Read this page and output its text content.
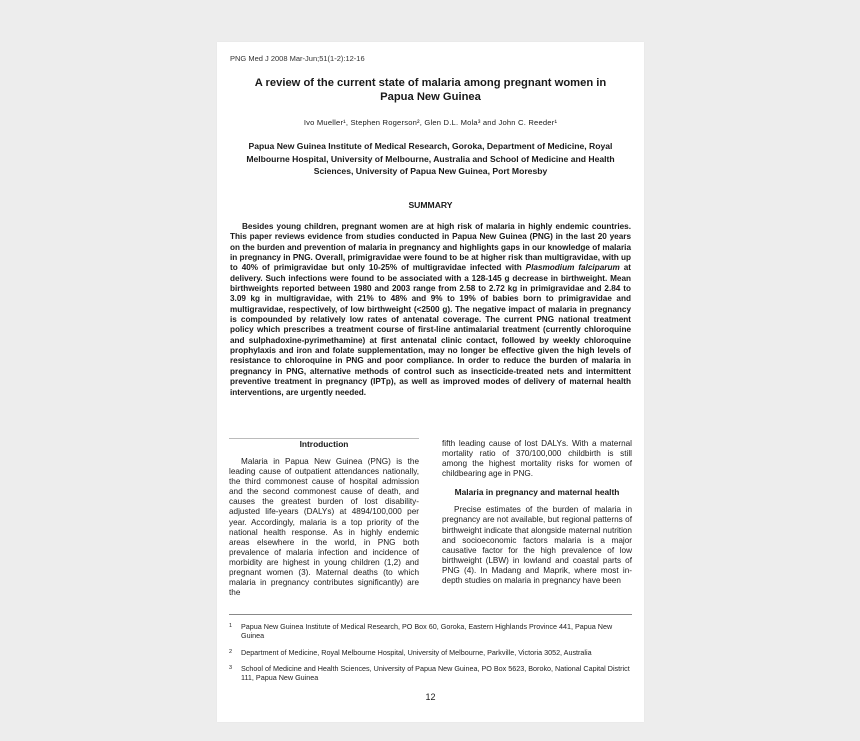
PNG Med J 2008 Mar-Jun;51(1-2):12-16
A review of the current state of malaria among pregnant women in Papua New Guinea
Ivo Mueller¹, Stephen Rogerson², Glen D.L. Mola³ and John C. Reeder¹
Papua New Guinea Institute of Medical Research, Goroka, Department of Medicine, Royal Melbourne Hospital, University of Melbourne, Australia and School of Medicine and Health Sciences, University of Papua New Guinea, Port Moresby
SUMMARY
Besides young children, pregnant women are at high risk of malaria in highly endemic countries. This paper reviews evidence from studies conducted in Papua New Guinea (PNG) in the last 20 years on the burden and prevention of malaria in pregnancy and highlights gaps in our knowledge of malaria in pregnancy in PNG. Overall, primigravidae were found to be at higher risk than multigravidae, with up to 40% of primigravidae but only 10-25% of multigravidae infected with Plasmodium falciparum at delivery. Such infections were found to be associated with a 128-145 g decrease in birthweight. Mean birthweights reported between 1980 and 2003 range from 2.58 to 2.72 kg in primigravidae and 2.84 to 3.09 kg in multigravidae, with 21% to 48% and 9% to 19% of babies born to primigravidae and multigravidae, respectively, of low birthweight (<2500 g). The negative impact of malaria in pregnancy is compounded by relatively low rates of antenatal coverage. The current PNG national treatment policy which prescribes a treatment course of first-line antimalarial treatment (currently chloroquine and sulphadoxine-pyrimethamine) at first antenatal clinic contact, followed by weekly chloroquine prophylaxis and iron and folate supplementation, may no longer be effective given the high levels of resistance to chloroquine in PNG and poor compliance. In order to reduce the burden of malaria in pregnancy in PNG, alternative methods of control such as insecticide-treated nets and intermittent preventive treatment in pregnancy (IPTp), as well as improved modes of delivery of maternal health interventions, are urgently needed.
Introduction

Malaria in Papua New Guinea (PNG) is the leading cause of outpatient attendances nationally, the third commonest cause of hospital admission and the second commonest cause of death, and causes the greatest burden of lost disability-adjusted life-years (DALYs) at 4894/100,000 per year. Accordingly, malaria is a top priority of the national health response. As in highly endemic areas elsewhere in the world, in PNG both prevalence of malaria infection and incidence of morbidity are highest in young children (1,2) and pregnant women (3). Maternal deaths (to which malaria in pregnancy contributes significantly) are the

fifth leading cause of lost DALYs. With a maternal mortality ratio of 370/100,000 childbirth is still among the highest mortality risks for women of childbearing age in PNG.

Malaria in pregnancy and maternal health

Precise estimates of the burden of malaria in pregnancy are not available, but regional patterns of birthweight indicate that alongside maternal nutrition and socioeconomic factors malaria is a major causative factor for the high prevalence of low birthweight (LBW) in lowland and coastal parts of PNG (4). In Madang and Maprik, where most in-depth studies on malaria in pregnancy have been

1	Papua New Guinea Institute of Medical Research, PO Box 60, Goroka, Eastern Highlands Province 441, Papua New Guinea
2	Department of Medicine, Royal Melbourne Hospital, University of Melbourne, Parkville, Victoria 3052, Australia
3	School of Medicine and Health Sciences, University of Papua New Guinea, PO Box 5623, Boroko, National Capital District 111, Papua New Guinea
12
